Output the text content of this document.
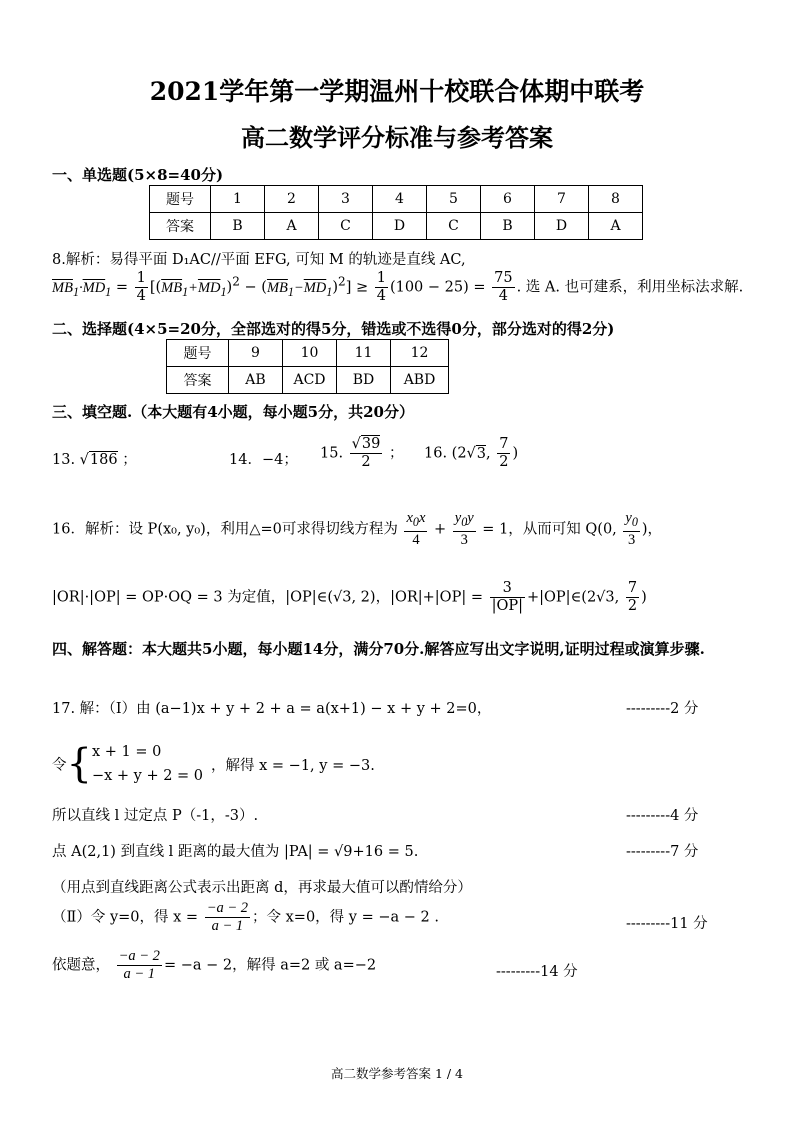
2021学年第一学期温州十校联合体期中联考
高二数学评分标准与参考答案
一、单选题(5×8=40分)
题号	1	2	3	4	5	6	7	8
答案	B	A	C	D	C	B	D	A
8.解析：易得平面 D₁AC//平面 EFG, 可知 M 的轨迹是直线 AC,
$\overline{MB}_1\cdot\overline{MD}_1 = \frac{1}{4} [(\overline{MB}_1+\overline{MD}_1)^2 - (\overline{MB}_1-\overline{MD}_1)^2] \ge \frac{1}{4} (100 - 25) = \frac{75}{4}$ . 选 A. 也可建系，利用坐标法求解.
二、选择题(4×5=20分，全部选对的得5分，错选或不选得0分，部分选对的得2分)
题号	9	10	11	12
答案	AB	ACD	BD	ABD
三、填空题.（本大题有4小题，每小题5分，共20分）
13. √186 ；	14．−4； 15. $\frac{√39}{2}$ ； 16. (2√3, $\frac{7}{2}$ )
16．解析：设 P(x₀, y₀)，利用△=0可求得切线方程为 $\frac{x_0x}{4} + \frac{y_0y}{3} = 1$，从而可知 Q(0, $\frac{y_0}{3}$ )，
|OR|·|OP| = OP·OQ = 3 为定值，|OP|∈(√3, 2)，$|OR|+|OP| = \frac{3}{|OP|}$ +|OP|∈(2√3, $\frac{7}{2}$ )
四、解答题：本大题共5小题，每小题14分，满分70分.解答应写出文字说明,证明过程或演算步骤.
17. 解：（Ⅰ）由 (a−1)x + y + 2 + a = a(x+1) − x + y + 2=0，	---------2 分
令{x + 1 = 0
−x + y + 2 = 0，解得 x = −1, y = −3.
所以直线 l 过定点 P（-1，-3）.	---------4 分
点 A(2,1) 到直线 l 距离的最大值为 |PA| = √9+16 = 5.	---------7 分
（用点到直线距离公式表示出距离 d，再求最大值可以酌情给分）
（Ⅱ）令 y=0，得 $x = \frac{-a - 2}{a - 1}$ ；令 x=0，得 y = −a − 2 .	---------11 分
依题意， $\frac{-a - 2}{a - 1} = -a - 2$，解得 a=2 或 a=−2	---------14 分
高二数学参考答案 1 / 4
